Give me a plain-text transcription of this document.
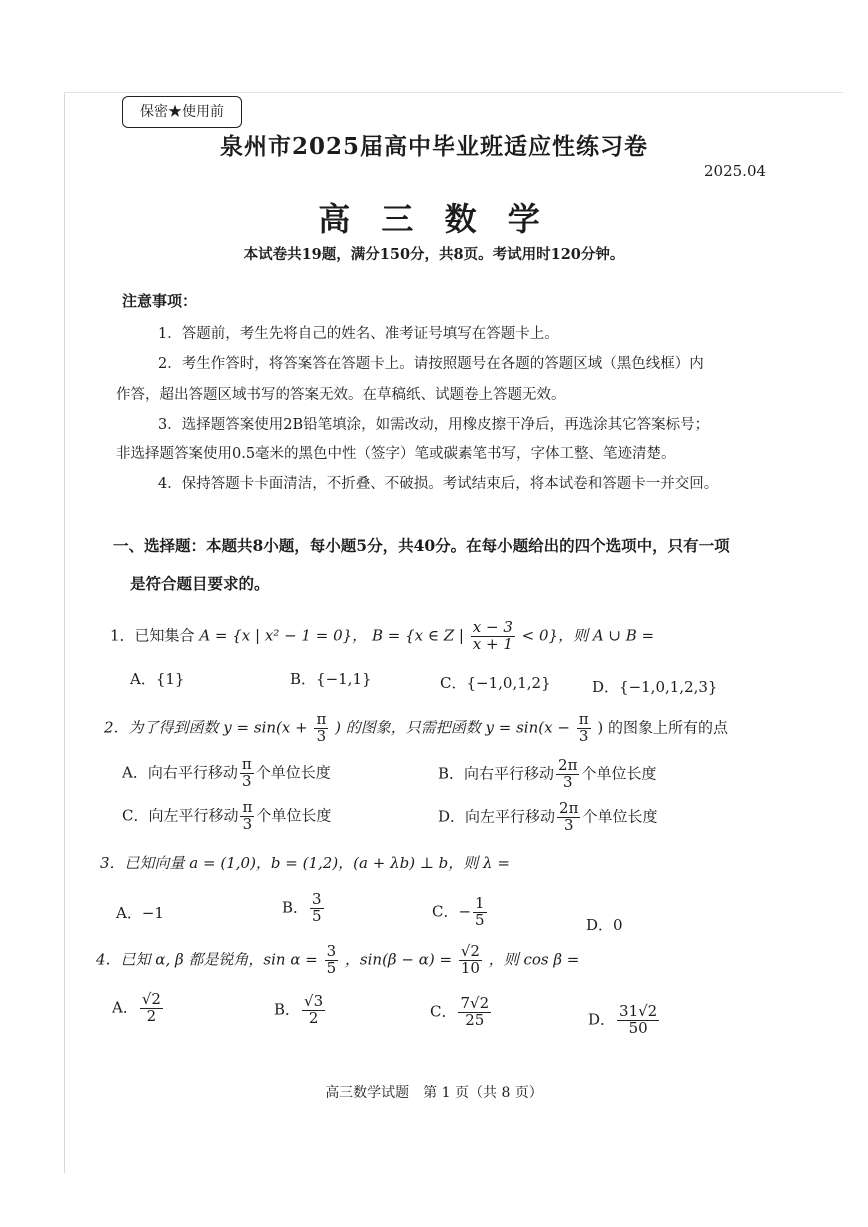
保密★使用前
泉州市2025届高中毕业班适应性练习卷
2025.04
高 三 数 学
本试卷共19题，满分150分，共8页。考试用时120分钟。
注意事项：
1．答题前，考生先将自己的姓名、准考证号填写在答题卡上。
2．考生作答时，将答案答在答题卡上。请按照题号在各题的答题区域（黑色线框）内
作答，超出答题区域书写的答案无效。在草稿纸、试题卷上答题无效。
3．选择题答案使用2B铅笔填涂，如需改动，用橡皮擦干净后，再选涂其它答案标号；
非选择题答案使用0.5毫米的黑色中性（签字）笔或碳素笔书写，字体工整、笔迹清楚。
4．保持答题卡卡面清洁，不折叠、不破损。考试结束后，将本试卷和答题卡一并交回。
一、选择题：本题共8小题，每小题5分，共40分。在每小题给出的四个选项中，只有一项
是符合题目要求的。
1．已知集合 A = {x | x² − 1 = 0}， B = {x ∈ Z | $\frac{x - 3}{x + 1} < 0$}，则 A ∪ B =
A．{1}	B．{−1,1}	C．{−1,0,1,2}	D．{−1,0,1,2,3}
2．为了得到函数 $y = \sin(x + \frac{\pi}{3}$ ) 的图象，只需把函数 $y = \sin(x - \frac{\pi}{3}$ ) 的图象上所有的点
A．向右平行移动 $\frac{\pi}{3}$ 个单位长度	B．向右平行移动 $\frac{2\pi}{3}$ 个单位长度
C．向左平行移动 $\frac{\pi}{3}$ 个单位长度	D．向左平行移动 $\frac{2\pi}{3}$ 个单位长度
3．已知向量 a = (1,0)，b = (1,2)，(a + λb) ⊥ b，则 λ =
A．−1	B． $\frac{3}{5}$	C．− $\frac{1}{5}$	D．0
4．已知 α, β 都是锐角，$\sin \alpha = \frac{3}{5}$ ，$\sin(\beta - \alpha) = \frac{√2}{10}$ ，则 cos β =
A． $\frac{√2}{2}$	B． $\frac{√3}{2}$	C． $\frac{7√2}{25}$	D． $\frac{31√2}{50}$
高三数学试题　第 1 页（共 8 页）
